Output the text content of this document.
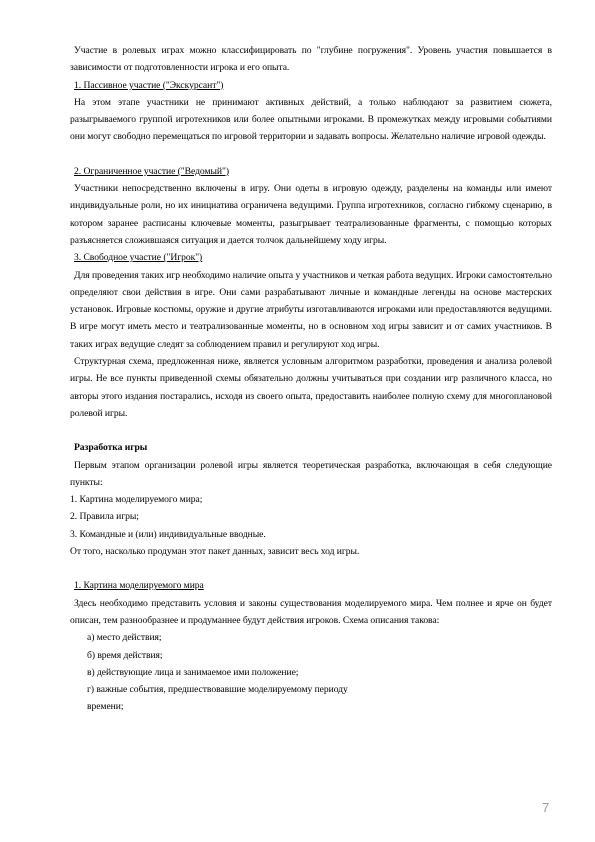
Участие в ролевых играх можно классифицировать по "глубине погружения". Уровень участия повышается в зависимости от подготовленности игрока и его опыта.

1. Пассивное участие ("Экскурсант")

На этом этапе участники не принимают активных действий, а только наблюдают за развитием сюжета, разыгрываемого группой игротехников или более опытными игроками. В промежутках между игровыми событиями они могут свободно перемещаться по игровой территории и задавать вопросы. Желательно наличие игровой одежды.

2. Ограниченное участие ("Ведомый")

Участники непосредственно включены в игру. Они одеты в игровую одежду, разделены на команды или имеют индивидуальные роли, но их инициатива ограничена ведущими. Группа игротехников, согласно гибкому сценарию, в котором заранее расписаны ключевые моменты, разыгрывает театрализованные фрагменты, с помощью которых разъясняется сложившаяся ситуация и дается толчок дальнейшему ходу игры.

3. Свободное участие ("Игрок")

Для проведения таких игр необходимо наличие опыта у участников и четкая работа ведущих. Игроки самостоятельно определяют свои действия в игре. Они сами разрабатывают личные и командные легенды на основе мастерских установок. Игровые костюмы, оружие и другие атрибуты изготавливаются игроками или предоставляются ведущими. В игре могут иметь место и театрализованные моменты, но в основном ход игры зависит и от самих участников. В таких играх ведущие следят за соблюдением правил и регулируют ход игры.

Структурная схема, предложенная ниже, является условным алгоритмом разработки, проведения и анализа ролевой игры. Не все пункты приведенной схемы обязательно должны учитываться при создании игр различного класса, но авторы этого издания постарались, исходя из своего опыта, предоставить наиболее полную схему для многоплановой ролевой игры.

Разработка игры

Первым этапом организации ролевой игры является теоретическая разработка, включающая в себя следующие пункты:

1. Картина моделируемого мира;

2. Правила игры;

3. Командные и (или) индивидуальные вводные.

От того, насколько продуман этот пакет данных, зависит весь ход игры.

1. Картина моделируемого мира

Здесь необходимо представить условия и законы существования моделируемого мира. Чем полнее и ярче он будет описан, тем разнообразнее и продуманнее будут действия игроков. Схема описания такова:

а) место действия;

б) время действия;

в) действующие лица и занимаемое ими положение;

г) важные события, предшествовавшие моделируемому периоду

времени;

7
